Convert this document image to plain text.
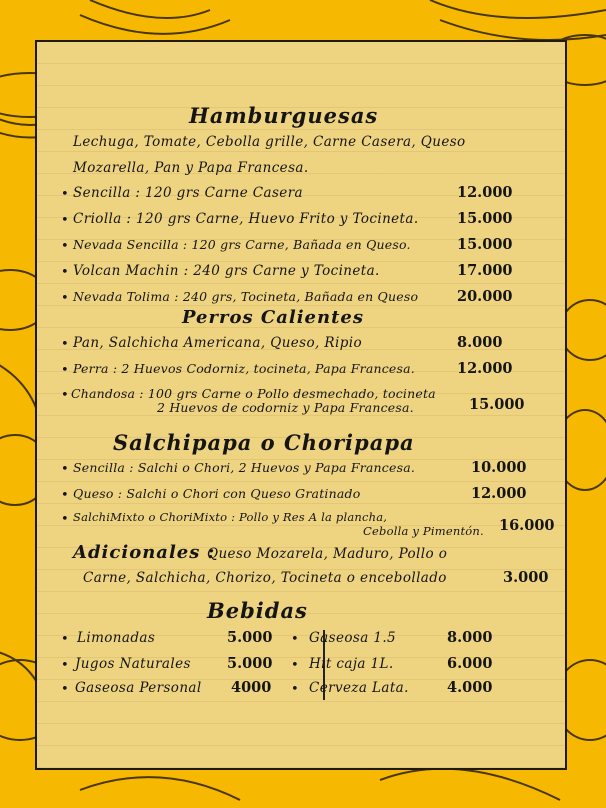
Hamburguesas
Lechuga, Tomate, Cebolla grille, Carne Casera, Queso
Mozarella, Pan y Papa Francesa.
• Sencilla : 120 grs Carne Casera	12.000
• Criolla : 120 grs Carne, Huevo Frito y Tocineta.	15.000
• Nevada Sencilla : 120 grs Carne, Bañada en Queso.	15.000
• Volcan Machin : 240 grs Carne y Tocineta.	17.000
• Nevada Tolima : 240 grs, Tocineta, Bañada en Queso	20.000
Perros Calientes
• Pan, Salchicha Americana, Queso, Ripio	8.000
• Perra : 2 Huevos Codorniz, tocineta, Papa Francesa.	12.000
• Chandosa : 100 grs Carne o Pollo desmechado, tocineta
2 Huevos de codorniz y Papa Francesa.	15.000
Salchipapa o Choripapa
• Sencilla : Salchi o Chori, 2 Huevos y Papa Francesa.	10.000
• Queso : Salchi o Chori con Queso Gratinado	12.000
• SalchiMixto o ChoriMixto : Pollo y Res A la plancha,
Cebolla y Pimentón. 16.000
Adicionales :
Queso Mozarela, Maduro, Pollo o
Carne, Salchicha, Chorizo, Tocineta o encebollado	3.000
Bebidas
• Limonadas	5.000
• Jugos Naturales 5.000
• Gaseosa Personal 4000
• Gaseosa 1.5	8.000
• Hit caja 1L.	6.000
• Cerveza Lata.	4.000
